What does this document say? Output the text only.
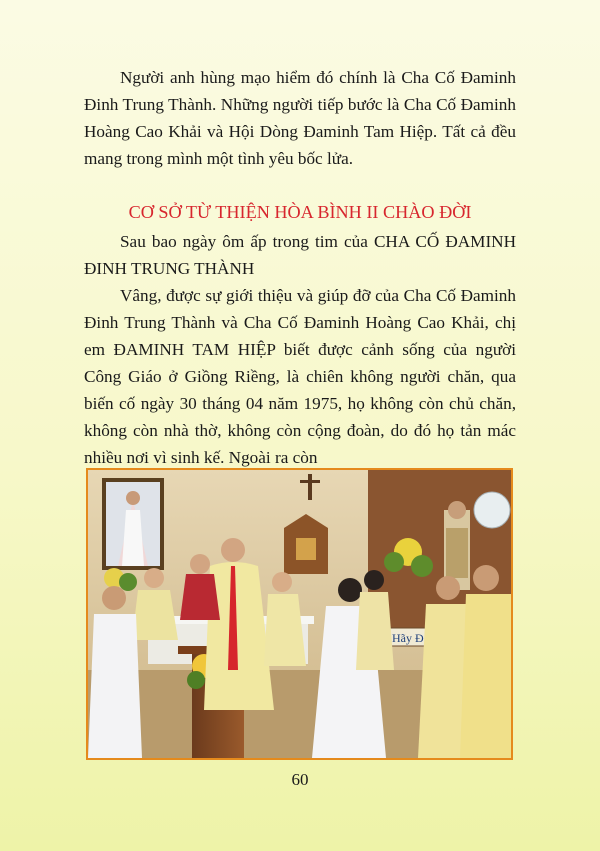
Người anh hùng mạo hiểm đó chính là Cha Cố Đaminh Đinh Trung Thành. Những người tiếp bước là Cha Cố Đaminh Hoàng Cao Khải và Hội Dòng Đaminh Tam Hiệp. Tất cả đều mang trong mình một tình yêu bốc lửa.

CƠ SỞ TỪ THIỆN HÒA BÌNH II CHÀO ĐỜI

Sau bao ngày ôm ấp trong tim của CHA CỐ ĐAMINH ĐINH TRUNG THÀNH

Vâng, được sự giới thiệu và giúp đỡ của Cha Cố Đaminh Đinh Trung Thành và Cha Cố Đaminh Hoàng Cao Khải, chị em ĐAMINH TAM HIỆP biết được cảnh sống của người Công Giáo ở Giồng Riềng, là chiên không người chăn, qua biến cố ngày 30 tháng 04 năm 1975, họ không còn chủ chăn, không còn nhà thờ, không còn cộng đoàn, do đó họ tản mác nhiều nơi vì sinh kế. Ngoài ra còn

Hãy Đ
60
